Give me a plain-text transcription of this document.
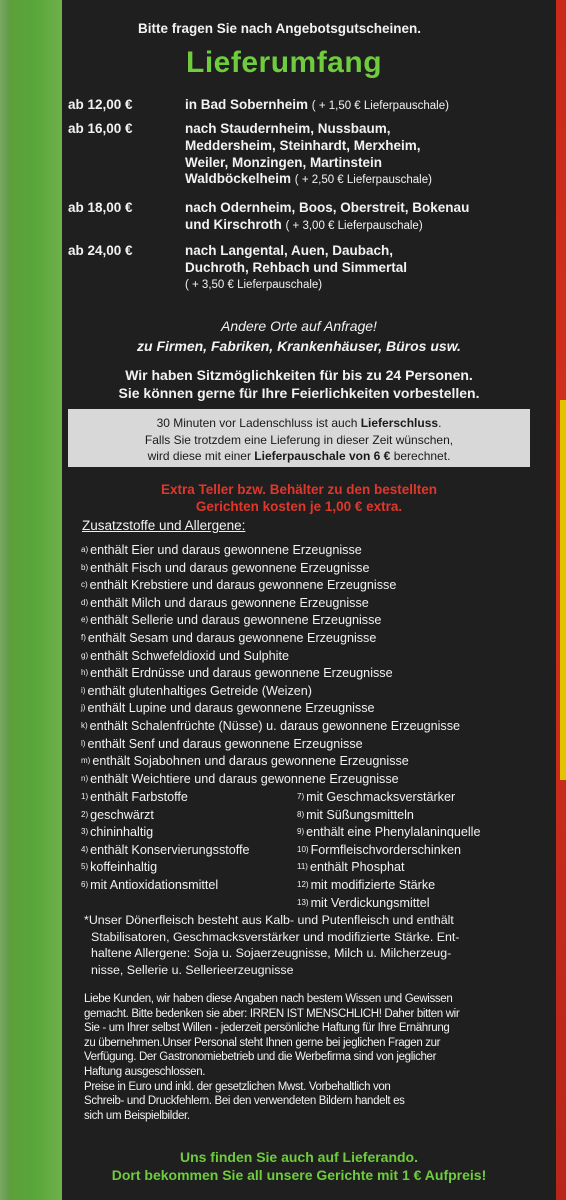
Bitte fragen Sie nach Angebotsgutscheinen.
Lieferumfang
ab 12,00 €	in Bad Sobernheim ( + 1,50 € Lieferpauschale)
ab 16,00 €	nach Staudernheim, Nussbaum,
Meddersheim, Steinhardt, Merxheim,
Weiler, Monzingen, Martinstein
Waldböckelheim ( + 2,50 € Lieferpauschale)
ab 18,00 €	nach Odernheim, Boos, Oberstreit, Bokenau
und Kirschroth ( + 3,00 € Lieferpauschale)
ab 24,00 €	nach Langental, Auen, Daubach,
Duchroth, Rehbach und Simmertal
( + 3,50 € Lieferpauschale)
Andere Orte auf Anfrage!
zu Firmen, Fabriken, Krankenhäuser, Büros usw.
Wir haben Sitzmöglichkeiten für bis zu 24 Personen.
Sie können gerne für Ihre Feierlichkeiten vorbestellen.
30 Minuten vor Ladenschluss ist auch Lieferschluss.
Falls Sie trotzdem eine Lieferung in dieser Zeit wünschen,
wird diese mit einer Lieferpauschale von 6 € berechnet.
Extra Teller bzw. Behälter zu den bestellten
Gerichten kosten je 1,00 € extra.
Zusatzstoffe und Allergene:
$^{a)}$ enthält Eier und daraus gewonnene Erzeugnisse
$^{b)}$ enthält Fisch und daraus gewonnene Erzeugnisse
$^{c)}$ enthält Krebstiere und daraus gewonnene Erzeugnisse
$^{d)}$ enthält Milch und daraus gewonnene Erzeugnisse
$^{e)}$ enthält Sellerie und daraus gewonnene Erzeugnisse
$^{f)}$ enthält Sesam und daraus gewonnene Erzeugnisse
$^{g)}$ enthält Schwefeldioxid und Sulphite
$^{h)}$ enthält Erdnüsse und daraus gewonnene Erzeugnisse
$^{i)}$ enthält glutenhaltiges Getreide (Weizen)
$^{j)}$ enthält Lupine und daraus gewonnene Erzeugnisse
$^{k)}$ enthält Schalenfrüchte (Nüsse) u. daraus gewonnene Erzeugnisse
$^{l)}$ enthält Senf und daraus gewonnene Erzeugnisse
$^{m)}$ enthält Sojabohnen und daraus gewonnene Erzeugnisse
$^{n)}$ enthält Weichtiere und daraus gewonnene Erzeugnisse
$^{1)}$ enthält Farbstoffe
$^{2)}$ geschwärzt
$^{3)}$ chininhaltig
$^{4)}$ enthält Konservierungsstoffe
$^{5)}$ koffeinhaltig
$^{6)}$ mit Antioxidationsmittel
$^{7)}$ mit Geschmacksverstärker
$^{8)}$ mit Süßungsmitteln
$^{9)}$ enthält eine Phenylalaninquelle
$^{10)}$ Formfleischvorderschinken
$^{11)}$ enthält Phosphat
$^{12)}$ mit modifizierte Stärke
$^{13)}$ mit Verdickungsmittel
*Unser Dönerfleisch besteht aus Kalb- und Putenfleisch und enthält
Stabilisatoren, Geschmacksverstärker und modifizierte Stärke. Ent-
haltene Allergene: Soja u. Sojaerzeugnisse, Milch u. Milcherzeug-
nisse, Sellerie u. Sellerieerzeugnisse
Liebe Kunden, wir haben diese Angaben nach bestem Wissen und Gewissen
gemacht. Bitte bedenken sie aber: IRREN IST MENSCHLICH! Daher bitten wir
Sie - um Ihrer selbst Willen - jederzeit persönliche Haftung für Ihre Ernährung
zu übernehmen.Unser Personal steht Ihnen gerne bei jeglichen Fragen zur
Verfügung. Der Gastronomiebetrieb und die Werbefirma sind von jeglicher
Haftung ausgeschlossen.
Preise in Euro und inkl. der gesetzlichen Mwst. Vorbehaltlich von
Schreib- und Druckfehlern. Bei den verwendeten Bildern handelt es
sich um Beispielbilder.
Uns finden Sie auch auf Lieferando.
Dort bekommen Sie all unsere Gerichte mit 1 € Aufpreis!
